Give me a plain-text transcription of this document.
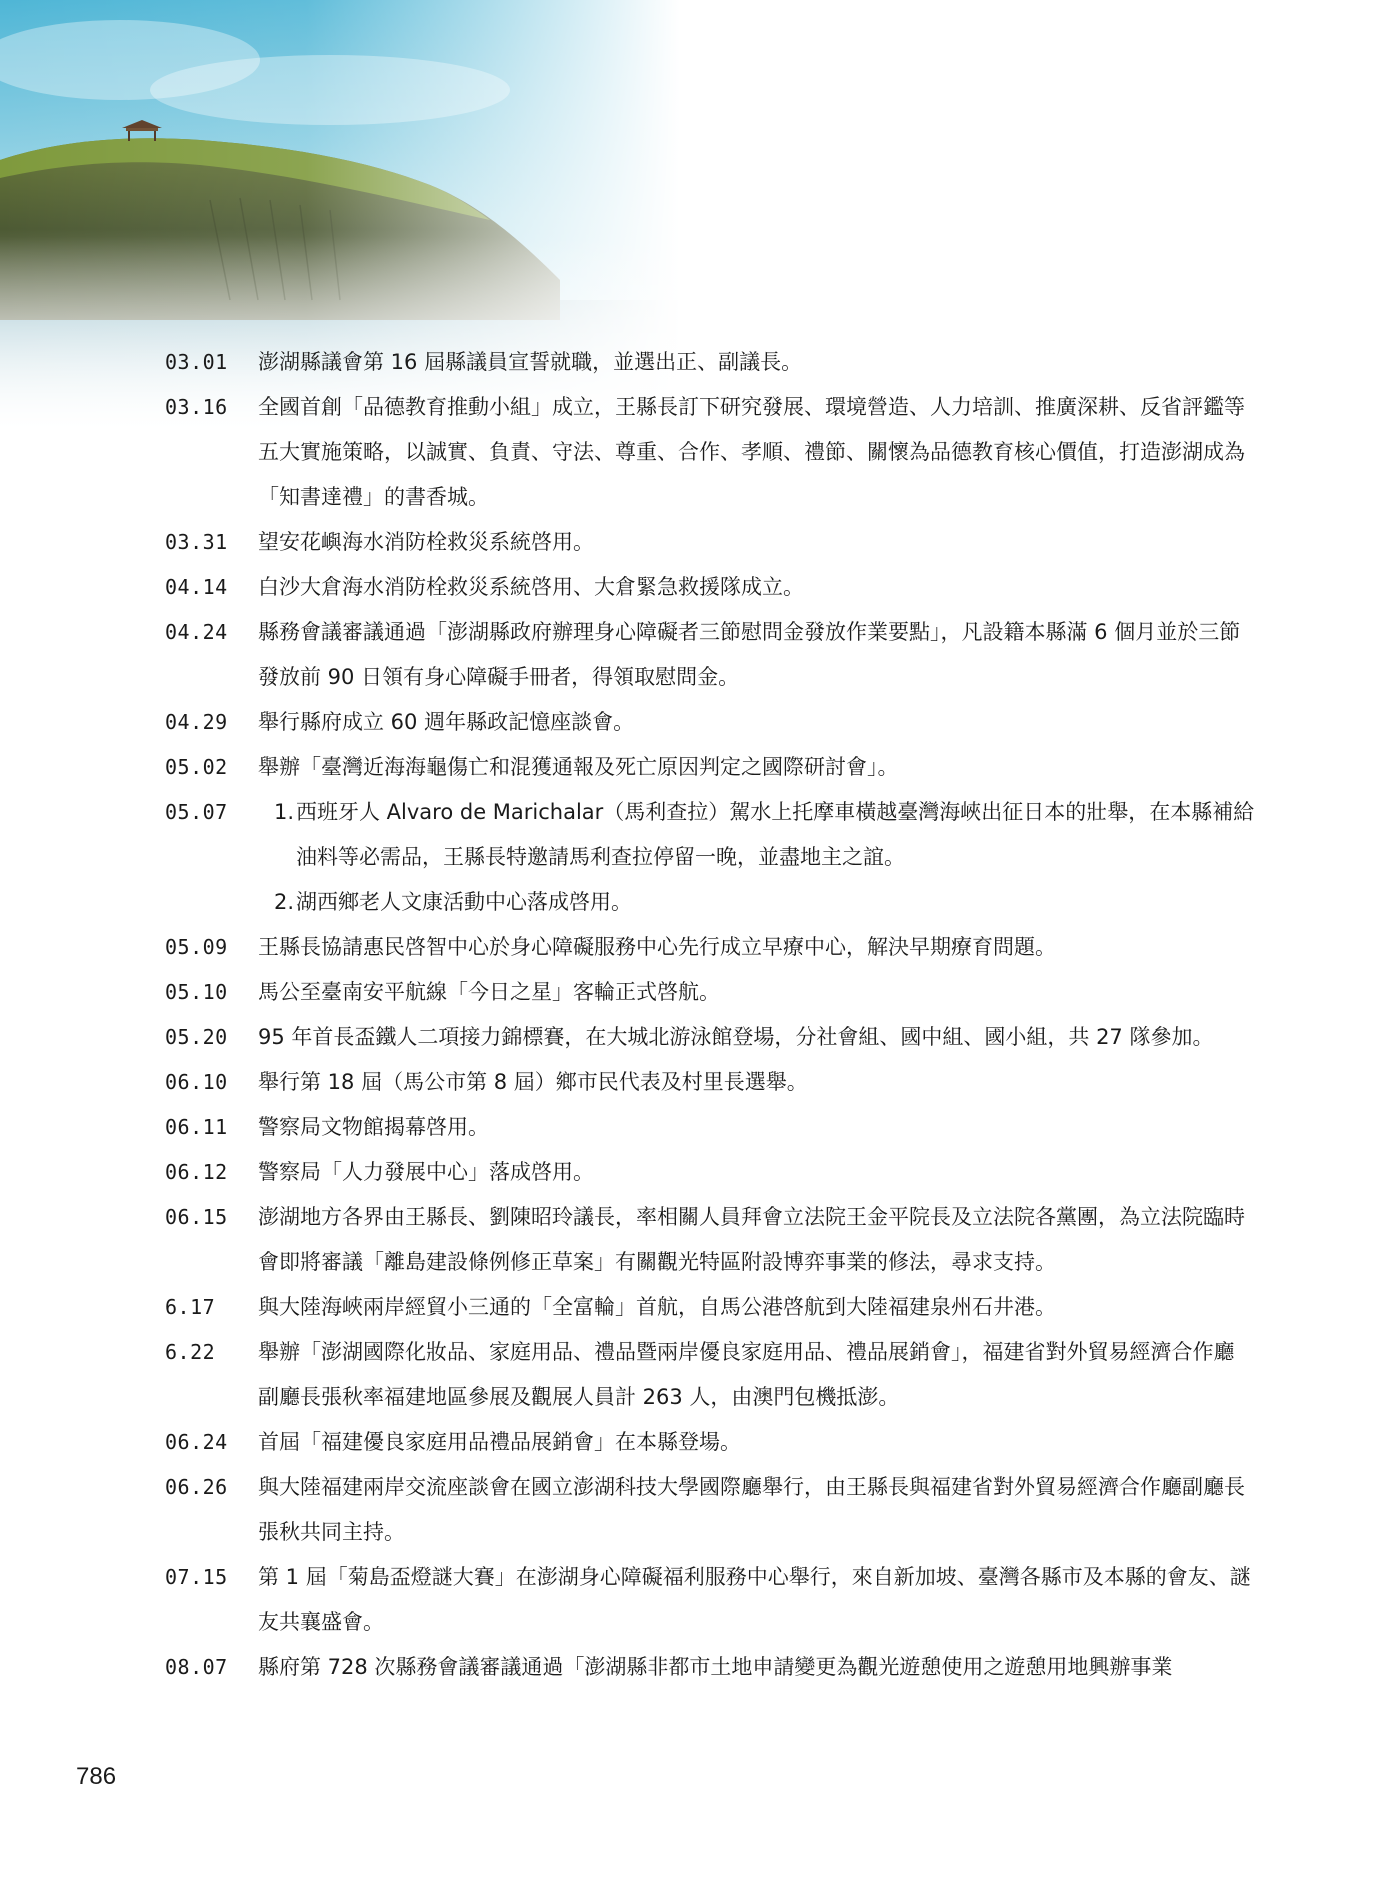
03.01	澎湖縣議會第 16 屆縣議員宣誓就職，並選出正、副議長。

03.16	全國首創「品德教育推動小組」成立，王縣長訂下研究發展、環境營造、人力培訓、推廣深耕、反省評鑑等五大實施策略，以誠實、負責、守法、尊重、合作、孝順、禮節、關懷為品德教育核心價值，打造澎湖成為「知書達禮」的書香城。

03.31	望安花嶼海水消防栓救災系統啓用。

04.14	白沙大倉海水消防栓救災系統啓用、大倉緊急救援隊成立。

04.24	縣務會議審議通過「澎湖縣政府辦理身心障礙者三節慰問金發放作業要點」，凡設籍本縣滿 6 個月並於三節發放前 90 日領有身心障礙手冊者，得領取慰問金。

04.29	舉行縣府成立 60 週年縣政記憶座談會。

05.02	舉辦「臺灣近海海龜傷亡和混獲通報及死亡原因判定之國際研討會」。

05.07	1. 西班牙人 Alvaro de Marichalar（馬利查拉）駕水上托摩車橫越臺灣海峽出征日本的壯舉，在本縣補給油料等必需品，王縣長特邀請馬利查拉停留一晚，並盡地主之誼。

2. 湖西鄉老人文康活動中心落成啓用。

05.09	王縣長協請惠民啓智中心於身心障礙服務中心先行成立早療中心，解決早期療育問題。

05.10	馬公至臺南安平航線「今日之星」客輪正式啓航。

05.20	95 年首長盃鐵人二項接力錦標賽，在大城北游泳館登場，分社會組、國中組、國小組，共 27 隊參加。

06.10	舉行第 18 屆（馬公市第 8 屆）鄉市民代表及村里長選舉。

06.11	警察局文物館揭幕啓用。

06.12	警察局「人力發展中心」落成啓用。

06.15	澎湖地方各界由王縣長、劉陳昭玲議長，率相關人員拜會立法院王金平院長及立法院各黨團，為立法院臨時會即將審議「離島建設條例修正草案」有關觀光特區附設博弈事業的修法，尋求支持。

6.17	與大陸海峽兩岸經貿小三通的「全富輪」首航，自馬公港啓航到大陸福建泉州石井港。

6.22	舉辦「澎湖國際化妝品、家庭用品、禮品暨兩岸優良家庭用品、禮品展銷會」，福建省對外貿易經濟合作廳副廳長張秋率福建地區參展及觀展人員計 263 人，由澳門包機抵澎。

06.24	首屆「福建優良家庭用品禮品展銷會」在本縣登場。

06.26	與大陸福建兩岸交流座談會在國立澎湖科技大學國際廳舉行，由王縣長與福建省對外貿易經濟合作廳副廳長張秋共同主持。

07.15	第 1 屆「菊島盃燈謎大賽」在澎湖身心障礙福利服務中心舉行，來自新加坡、臺灣各縣市及本縣的會友、謎友共襄盛會。

08.07	縣府第 728 次縣務會議審議通過「澎湖縣非都市土地申請變更為觀光遊憩使用之遊憩用地興辦事業

786
